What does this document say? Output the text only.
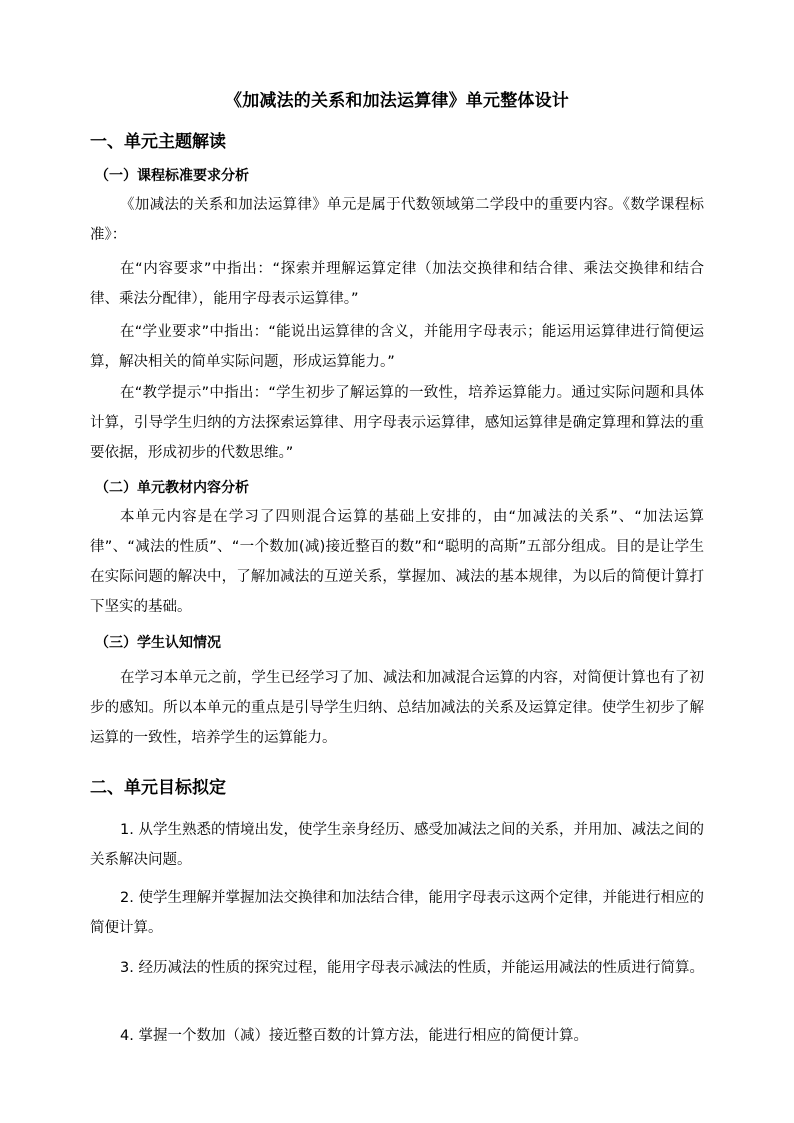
《加减法的关系和加法运算律》单元整体设计
一、单元主题解读
（一）课程标准要求分析

《加减法的关系和加法运算律》单元是属于代数领域第二学段中的重要内容。《数学课程标准》：

在“内容要求”中指出：“探索并理解运算定律（加法交换律和结合律、乘法交换律和结合律、乘法分配律），能用字母表示运算律。”

在“学业要求”中指出：“能说出运算律的含义，并能用字母表示；能运用运算律进行简便运算，解决相关的简单实际问题，形成运算能力。”

在“教学提示”中指出：“学生初步了解运算的一致性，培养运算能力。通过实际问题和具体计算，引导学生归纳的方法探索运算律、用字母表示运算律，感知运算律是确定算理和算法的重要依据，形成初步的代数思维。”

（二）单元教材内容分析

本单元内容是在学习了四则混合运算的基础上安排的，由“加减法的关系”、“加法运算律”、“减法的性质”、“一个数加(减)接近整百的数”和“聪明的高斯”五部分组成。目的是让学生在实际问题的解决中，了解加减法的互逆关系，掌握加、减法的基本规律，为以后的简便计算打下坚实的基础。

（三）学生认知情况

在学习本单元之前，学生已经学习了加、减法和加减混合运算的内容，对简便计算也有了初步的感知。所以本单元的重点是引导学生归纳、总结加减法的关系及运算定律。使学生初步了解运算的一致性，培养学生的运算能力。

二、单元目标拟定

1. 从学生熟悉的情境出发，使学生亲身经历、感受加减法之间的关系，并用加、减法之间的关系解决问题。

2. 使学生理解并掌握加法交换律和加法结合律，能用字母表示这两个定律，并能进行相应的简便计算。

3. 经历减法的性质的探究过程，能用字母表示减法的性质，并能运用减法的性质进行简算。

4. 掌握一个数加（减）接近整百数的计算方法，能进行相应的简便计算。
